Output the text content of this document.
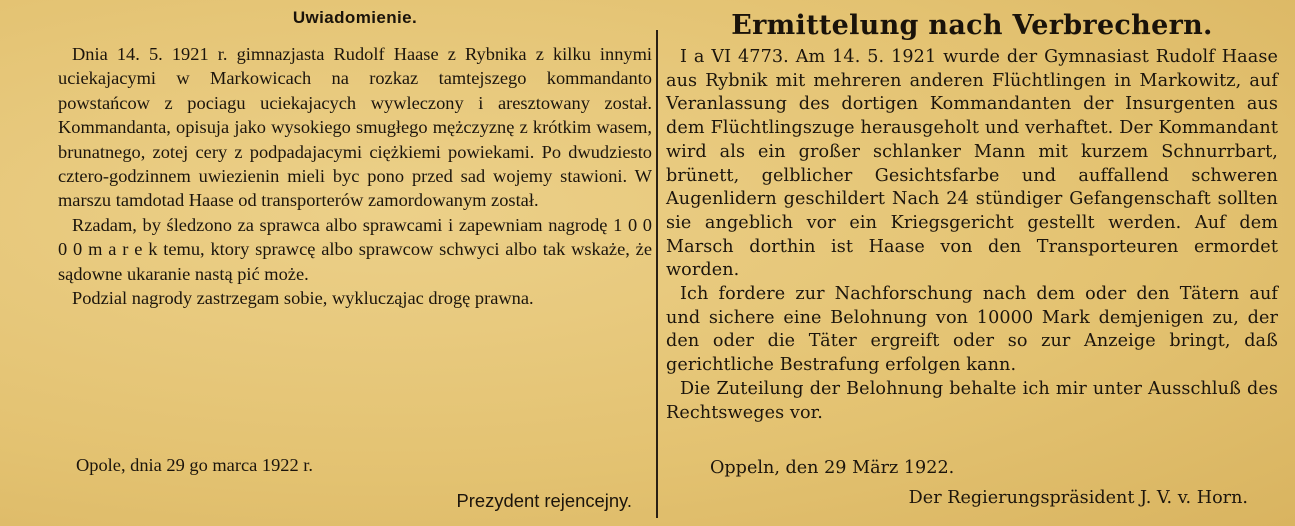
Uwiadomienie.

Dnia 14. 5. 1921 r. gimnazjasta Rudolf Haase z Rybnika z kilku innymi uciekajacymi w Markowicach na rozkaz tamtejszego kommandanto powstańcow z pociagu uciekajacych wywleczony i aresztowany został. Kommandanta, opisuja jako wysokiego smugłego mężczyznę z krótkim wasem, brunatnego, zotej cery z podpadajacymi ciężkiemi powiekami. Po dwudziesto cztero-godzinnem uwiezienin mieli byc pono przed sad wojemy stawioni. W marszu tamdotad Haase od transporterów zamordowanym został.

Rzadam, by śledzono za sprawca albo sprawcami i zapewniam nagrodę 1 0 0 0 0 m a r e k temu, ktory sprawcę albo sprawcow schwyci albo tak wskaże, że sądowne ukaranie nastą pić może.

Podzial nagrody zastrzegam sobie, wyklucząjac drogę prawna.

Opole, dnia 29 go marca 1922 r.
Prezydent rejencejny.
Ermittelung nach Verbrechern.

I a VI 4773. Am 14. 5. 1921 wurde der Gymnasiast Rudolf Haase aus Rybnik mit mehreren anderen Flüchtlingen in Markowitz, auf Veranlassung des dortigen Kommandanten der Insurgenten aus dem Flüchtlingszuge herausgeholt und verhaftet. Der Kommandant wird als ein großer schlanker Mann mit kurzem Schnurrbart, brünett, gelblicher Gesichtsfarbe und auffallend schweren Augenlidern geschildert Nach 24 stündiger Gefangenschaft sollten sie angeblich vor ein Kriegsgericht gestellt werden. Auf dem Marsch dorthin ist Haase von den Transporteuren ermordet worden.

Ich fordere zur Nachforschung nach dem oder den Tätern auf und sichere eine Belohnung von 10000 Mark demjenigen zu, der den oder die Täter ergreift oder so zur Anzeige bringt, daß gerichtliche Bestrafung erfolgen kann.

Die Zuteilung der Belohnung behalte ich mir unter Ausschluß des Rechtsweges vor.

Oppeln, den 29 März 1922.
Der Regierungspräsident J. V. v. Horn.
